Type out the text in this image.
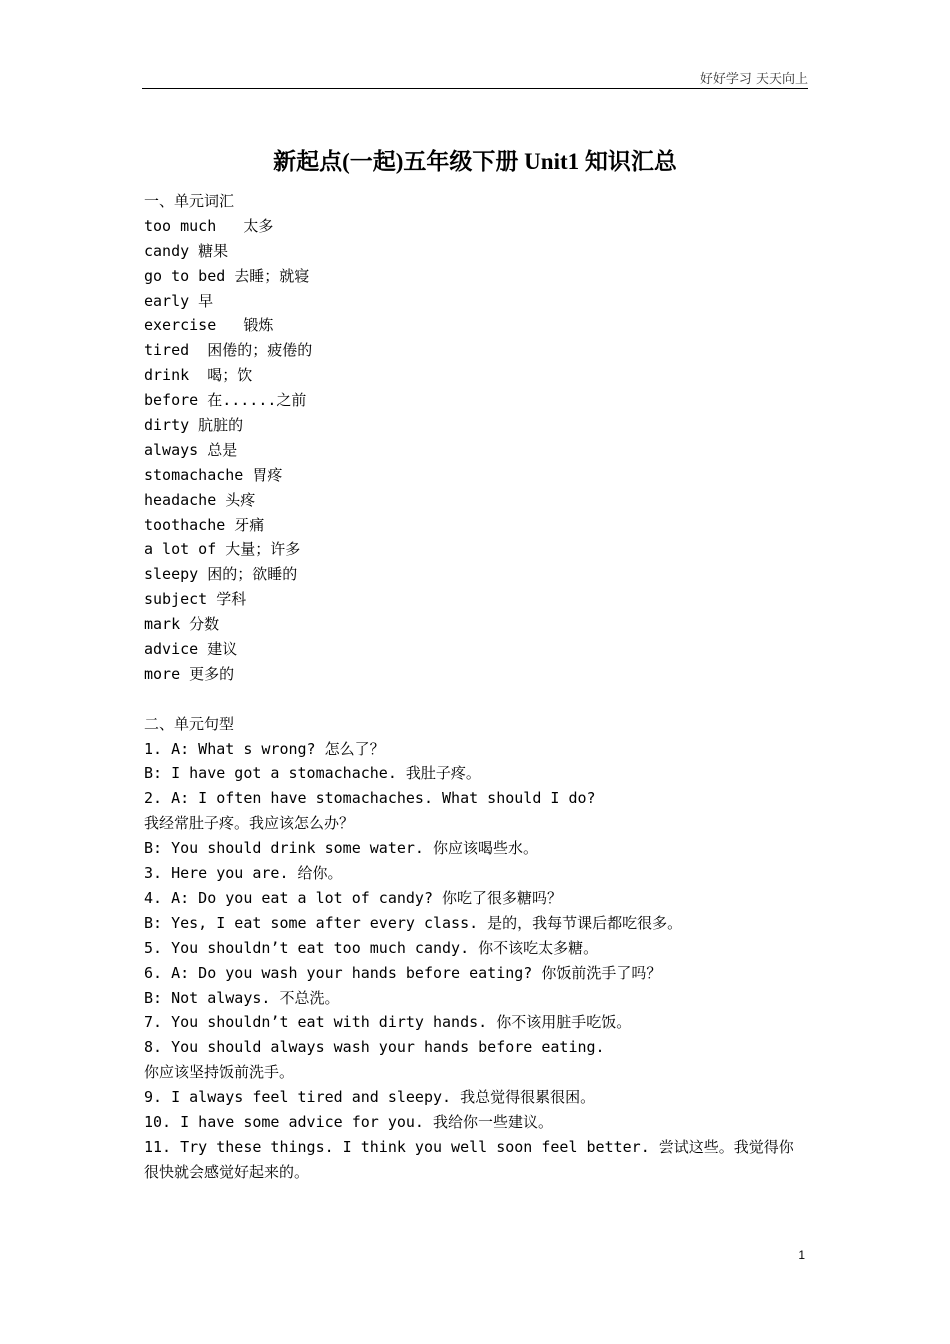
好好学习 天天向上
新起点(一起)五年级下册 Unit1 知识汇总
一、单元词汇
too much   太多
candy 糖果
go to bed 去睡；就寝
early 早
exercise   锻炼
tired  困倦的；疲倦的
drink  喝；饮
before 在......之前
dirty 肮脏的
always 总是
stomachache 胃疼
headache 头疼
toothache 牙痛
a lot of 大量；许多
sleepy 困的；欲睡的
subject 学科
mark 分数
advice 建议
more 更多的
二、单元句型
1. A: What s wrong? 怎么了？
B: I have got a stomachache. 我肚子疼。
2. A: I often have stomachaches. What should I do?
我经常肚子疼。我应该怎么办？
B: You should drink some water. 你应该喝些水。
3. Here you are. 给你。
4. A: Do you eat a lot of candy? 你吃了很多糖吗？
B: Yes, I eat some after every class. 是的，我每节课后都吃很多。
5. You shouldn’t eat too much candy. 你不该吃太多糖。
6. A: Do you wash your hands before eating? 你饭前洗手了吗？
B: Not always. 不总洗。
7. You shouldn’t eat with dirty hands. 你不该用脏手吃饭。
8. You should always wash your hands before eating.
你应该坚持饭前洗手。
9. I always feel tired and sleepy. 我总觉得很累很困。
10. I have some advice for you. 我给你一些建议。
11. Try these things. I think you well soon feel better. 尝试这些。我觉得你很快就会感觉好起来的。
1
